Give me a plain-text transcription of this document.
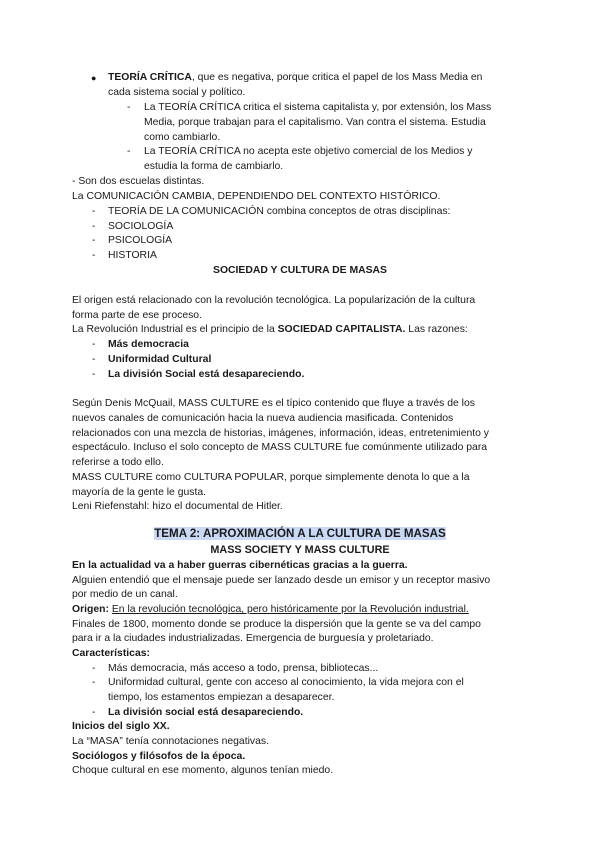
● TEORÍA CRÍTICA, que es negativa, porque critica el papel de los Mass Media en
cada sistema social y político.
- La TEORÍA CRÍTICA critica el sistema capitalista y, por extensión, los Mass
Media, porque trabajan para el capitalismo. Van contra el sistema. Estudia
como cambiarlo.
- La TEORÍA CRÍTICA no acepta este objetivo comercial de los Medios y
estudia la forma de cambiarlo.
- Son dos escuelas distintas.
La COMUNICACIÓN CAMBIA, DEPENDIENDO DEL CONTEXTO HISTÓRICO.
- TEORÍA DE LA COMUNICACIÓN combina conceptos de otras disciplinas:
- SOCIOLOGÍA
- PSICOLOGÍA
- HISTORIA
SOCIEDAD Y CULTURA DE MASAS
El origen está relacionado con la revolución tecnológica. La popularización de la cultura
forma parte de ese proceso.
La Revolución Industrial es el principio de la SOCIEDAD CAPITALISTA. Las razones:
- Más democracia
- Uniformidad Cultural
- La división Social está desapareciendo.
Según Denis McQuail, MASS CULTURE es el típico contenido que fluye a través de los
nuevos canales de comunicación hacia la nueva audiencia masificada. Contenidos
relacionados con una mezcla de historias, imágenes, información, ideas, entretenimiento y
espectáculo. Incluso el solo concepto de MASS CULTURE fue comúnmente utilizado para
referirse a todo ello.
MASS CULTURE como CULTURA POPULAR, porque simplemente denota lo que a la
mayoría de la gente le gusta.
Leni Riefenstahl: hizo el documental de Hitler.
TEMA 2: APROXIMACIÓN A LA CULTURA DE MASAS
MASS SOCIETY Y MASS CULTURE
En la actualidad va a haber guerras cibernéticas gracias a la guerra.
Alguien entendió que el mensaje puede ser lanzado desde un emisor y un receptor masivo
por medio de un canal.
Origen: En la revolución tecnológica, pero históricamente por la Revolución industrial.
Finales de 1800, momento donde se produce la dispersión que la gente se va del campo
para ir a la ciudades industrializadas. Emergencia de burguesía y proletariado.
Características:
- Más democracia, más acceso a todo, prensa, bibliotecas...
- Uniformidad cultural, gente con acceso al conocimiento, la vida mejora con el
tiempo, los estamentos empiezan a desaparecer.
- La división social está desapareciendo.
Inicios del siglo XX.
La “MASA” tenía connotaciones negativas.
Sociólogos y filósofos de la época.
Choque cultural en ese momento, algunos tenían miedo.
